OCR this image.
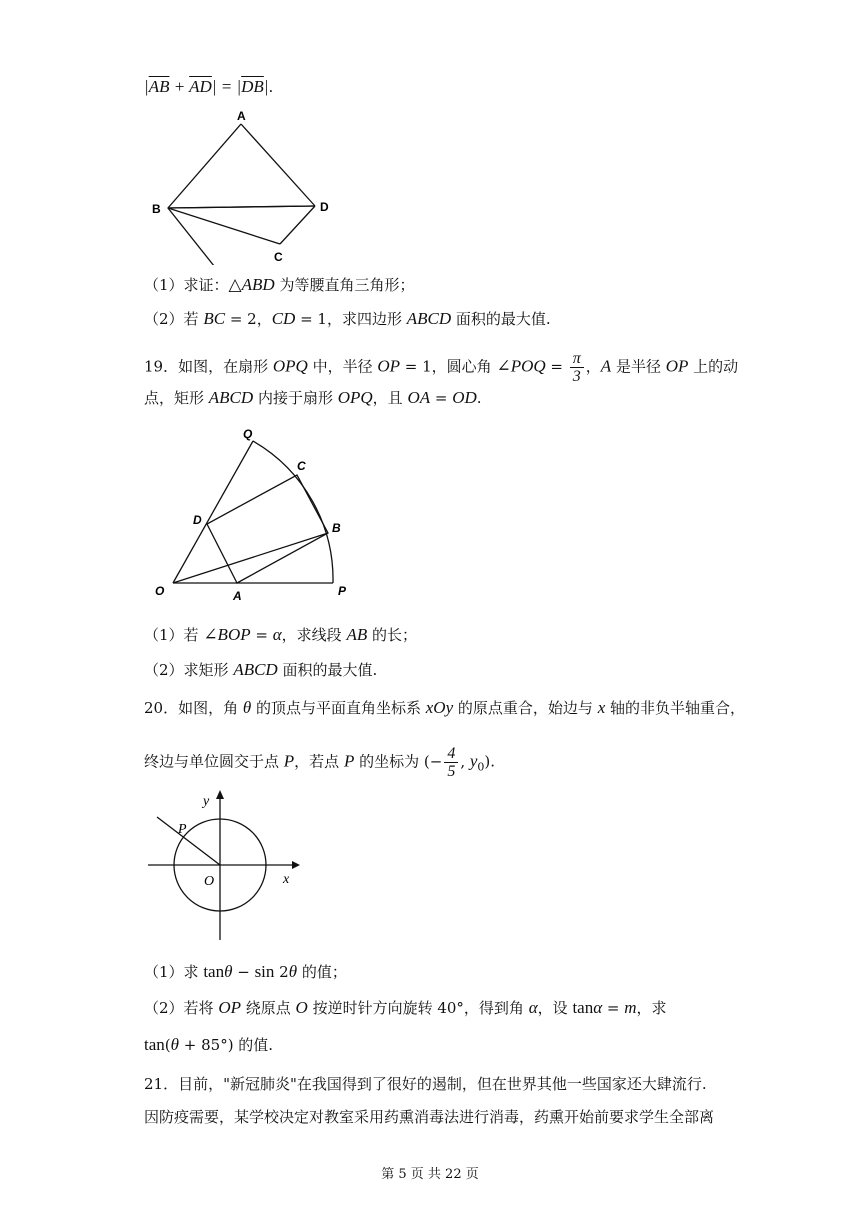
$|\overline{AB} + \overline{AD}| = |\overline{DB}|$.
A
B	D
C
（1）求证：△ABD 为等腰直角三角形；
（2）若 BC = 2，CD = 1，求四边形 ABCD 面积的最大值.
19．如图，在扇形 OPQ 中，半径 OP = 1，圆心角 ∠POQ = $\frac{\pi}{3}$ ，A 是半径 OP 上的动
点，矩形 ABCD 内接于扇形 OPQ，且 OA = OD.
Q
C
D
B
O	A	P
（1）若 ∠BOP = α，求线段 AB 的长；
（2）求矩形 ABCD 面积的最大值.
20．如图，角 θ 的顶点与平面直角坐标系 xOy 的原点重合，始边与 x 轴的非负半轴重合，
终边与单位圆交于点 P，若点 P 的坐标为 (− $\frac{4}{5}$ , $y_0$).
y
P
O	x
（1）求 tanθ − sin 2θ 的值；
（2）若将 OP 绕原点 O 按逆时针方向旋转 40°，得到角 α，设 tanα = m，求
tan(θ + 85°) 的值.
21．目前，"新冠肺炎"在我国得到了很好的遏制，但在世界其他一些国家还大肆流行.
因防疫需要，某学校决定对教室采用药熏消毒法进行消毒，药熏开始前要求学生全部离
第 5 页 共 22 页
